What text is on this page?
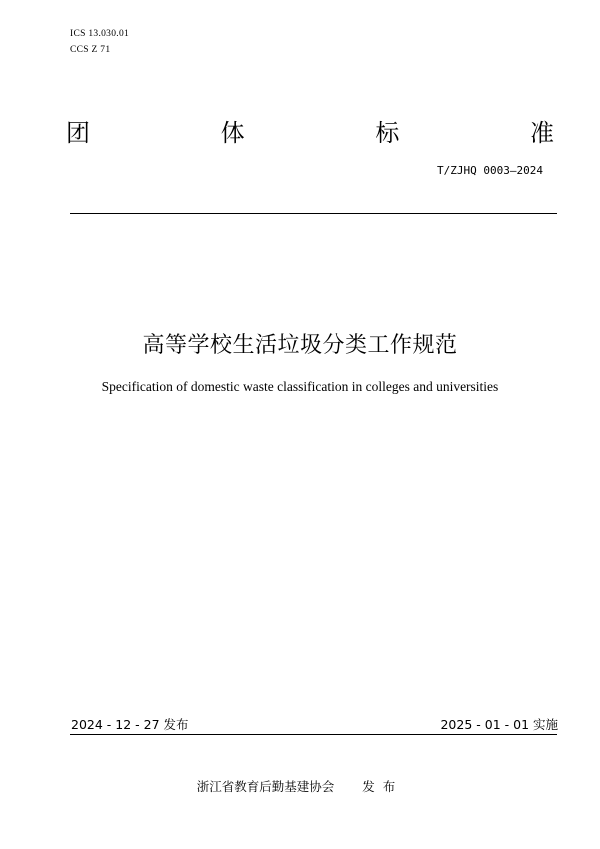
ICS 13.030.01
CCS Z 71
团	体	标	准
T/ZJHQ 0003—2024
高等学校生活垃圾分类工作规范
Specification of domestic waste classification in colleges and universities
2024 - 12 - 27 发布	2025 - 01 - 01 实施
浙江省教育后勤基建协会 发布
